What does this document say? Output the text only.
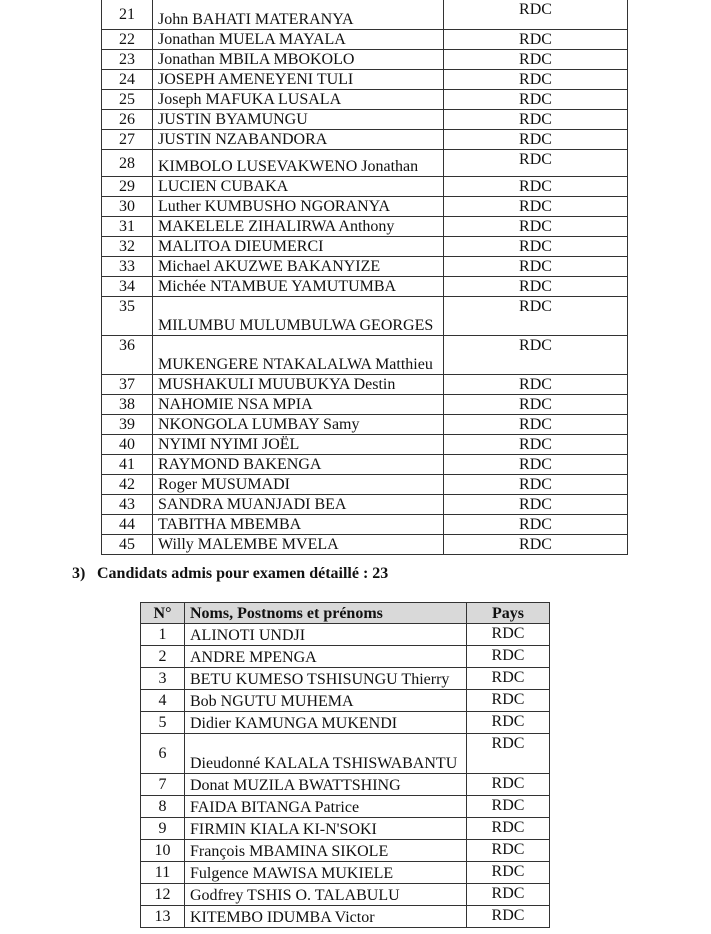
21	John BAHATI MATERANYA	RDC
22	Jonathan MUELA MAYALA	RDC
23	Jonathan MBILA MBOKOLO	RDC
24	JOSEPH AMENEYENI TULI	RDC
25	Joseph MAFUKA LUSALA	RDC
26	JUSTIN BYAMUNGU	RDC
27	JUSTIN NZABANDORA	RDC
28	KIMBOLO LUSEVAKWENO Jonathan	RDC
29	LUCIEN CUBAKA	RDC
30	Luther KUMBUSHO NGORANYA	RDC
31	MAKELELE ZIHALIRWA Anthony	RDC
32	MALITOA DIEUMERCI	RDC
33	Michael AKUZWE BAKANYIZE	RDC
34	Michée NTAMBUE YAMUTUMBA	RDC
35	MILUMBU MULUMBULWA GEORGES	RDC
36	MUKENGERE NTAKALALWA Matthieu	RDC
37	MUSHAKULI MUUBUKYA Destin	RDC
38	NAHOMIE NSA MPIA	RDC
39	NKONGOLA LUMBAY Samy	RDC
40	NYIMI NYIMI JOËL	RDC
41	RAYMOND BAKENGA	RDC
42	Roger MUSUMADI	RDC
43	SANDRA MUANJADI BEA	RDC
44	TABITHA MBEMBA	RDC
45	Willy MALEMBE MVELA	RDC

3) Candidats admis pour examen détaillé : 23

N°	Noms, Postnoms et prénoms	Pays
1	ALINOTI UNDJI	RDC
2	ANDRE MPENGA	RDC
3	BETU KUMESO TSHISUNGU Thierry	RDC
4	Bob NGUTU MUHEMA	RDC
5	Didier KAMUNGA MUKENDI	RDC
6	Dieudonné KALALA TSHISWABANTU	RDC
7	Donat MUZILA BWATTSHING	RDC
8	FAIDA BITANGA Patrice	RDC
9	FIRMIN KIALA KI-N'SOKI	RDC
10	François MBAMINA SIKOLE	RDC
11	Fulgence MAWISA MUKIELE	RDC
12	Godfrey TSHIS O. TALABULU	RDC
13	KITEMBO IDUMBA Victor	RDC
